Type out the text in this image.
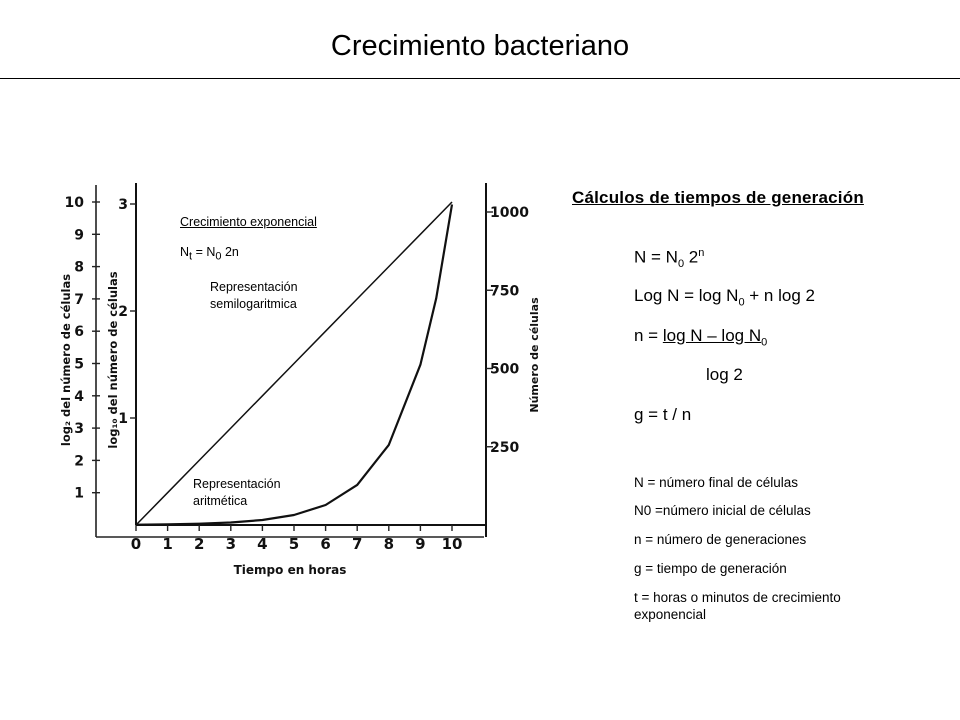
Crecimiento bacteriano
1
2
3
4
5
6
7
8
9
10
1
2
3
250
500
750
1000
0 1 2 3 4 5 6 7 8 9 10
Tiempo en horas
log₂ del número de células	log₁₀ del número de células	Número de células
Crecimiento exponencial
$N_t = N_0$ 2n
Representación
semilogaritmica
Representación
aritmética
Cálculos de tiempos de generación
$N = N_0$ 2$^n$
Log $N = \log N_0 + n$ log 2
$n = \log N - \log N_0$
log 2
g = t / n
N = número final de células
N0 =número inicial de células
n = número de generaciones
g = tiempo de generación
t = horas o minutos de crecimiento exponencial
